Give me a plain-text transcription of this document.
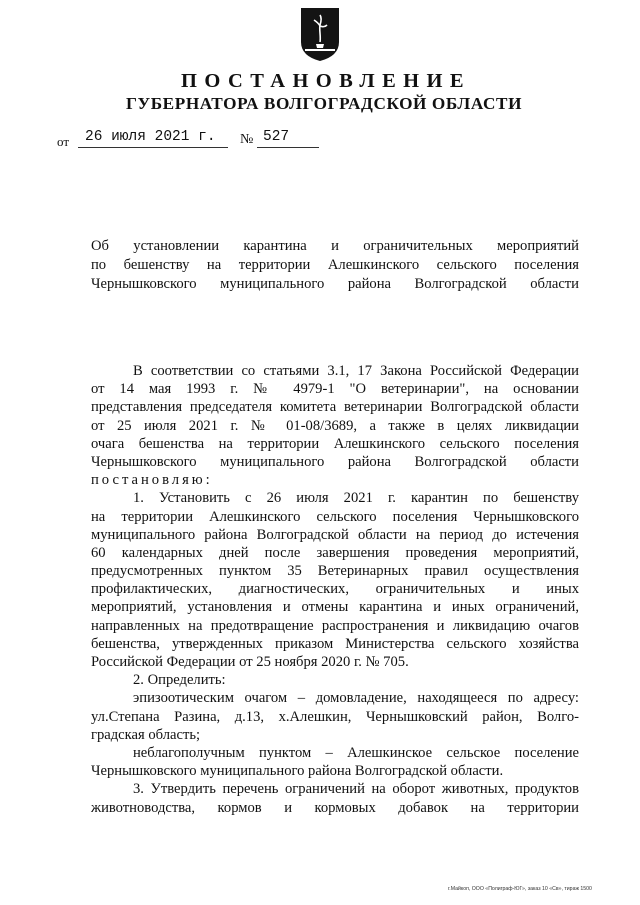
ПОСТАНОВЛЕНИЕ
ГУБЕРНАТОРА ВОЛГОГРАДСКОЙ ОБЛАСТИ
от 26 июля 2021 г. № 527
Об установлении карантина и ограничительных мероприятий
по бешенству на территории Алешкинского сельского поселения
Чернышковского муниципального района Волгоградской области
В соответствии со статьями 3.1, 17 Закона Российской Федерации
от 14 мая 1993 г. № 4979-1 "О ветеринарии", на основании
представления председателя комитета ветеринарии Волгоградской области
от 25 июля 2021 г. № 01-08/3689, а также в целях ликвидации
очага бешенства на территории Алешкинского сельского поселения
Чернышковского муниципального района Волгоградской области
постановляю:
1. Установить с 26 июля 2021 г. карантин по бешенству
на территории Алешкинского сельского поселения Чернышковского
муниципального района Волгоградской области на период до истечения
60 календарных дней после завершения проведения мероприятий,
предусмотренных пунктом 35 Ветеринарных правил осуществления
профилактических, диагностических, ограничительных и иных
мероприятий, установления и отмены карантина и иных ограничений,
направленных на предотвращение распространения и ликвидацию очагов
бешенства, утвержденных приказом Министерства сельского хозяйства
Российской Федерации от 25 ноября 2020 г. № 705.
2. Определить:
эпизоотическим очагом – домовладение, находящееся по адресу:
ул.Степана Разина, д.13, х.Алешкин, Чернышковский район, Волго-
градская область;
неблагополучным пунктом – Алешкинское сельское поселение
Чернышковского муниципального района Волгоградской области.
3. Утвердить перечень ограничений на оборот животных, продуктов
животноводства, кормов и кормовых добавок на территории
г.Майкоп, ООО «Полиграф-ЮГ», заказ 10 «Св», тираж 1500
